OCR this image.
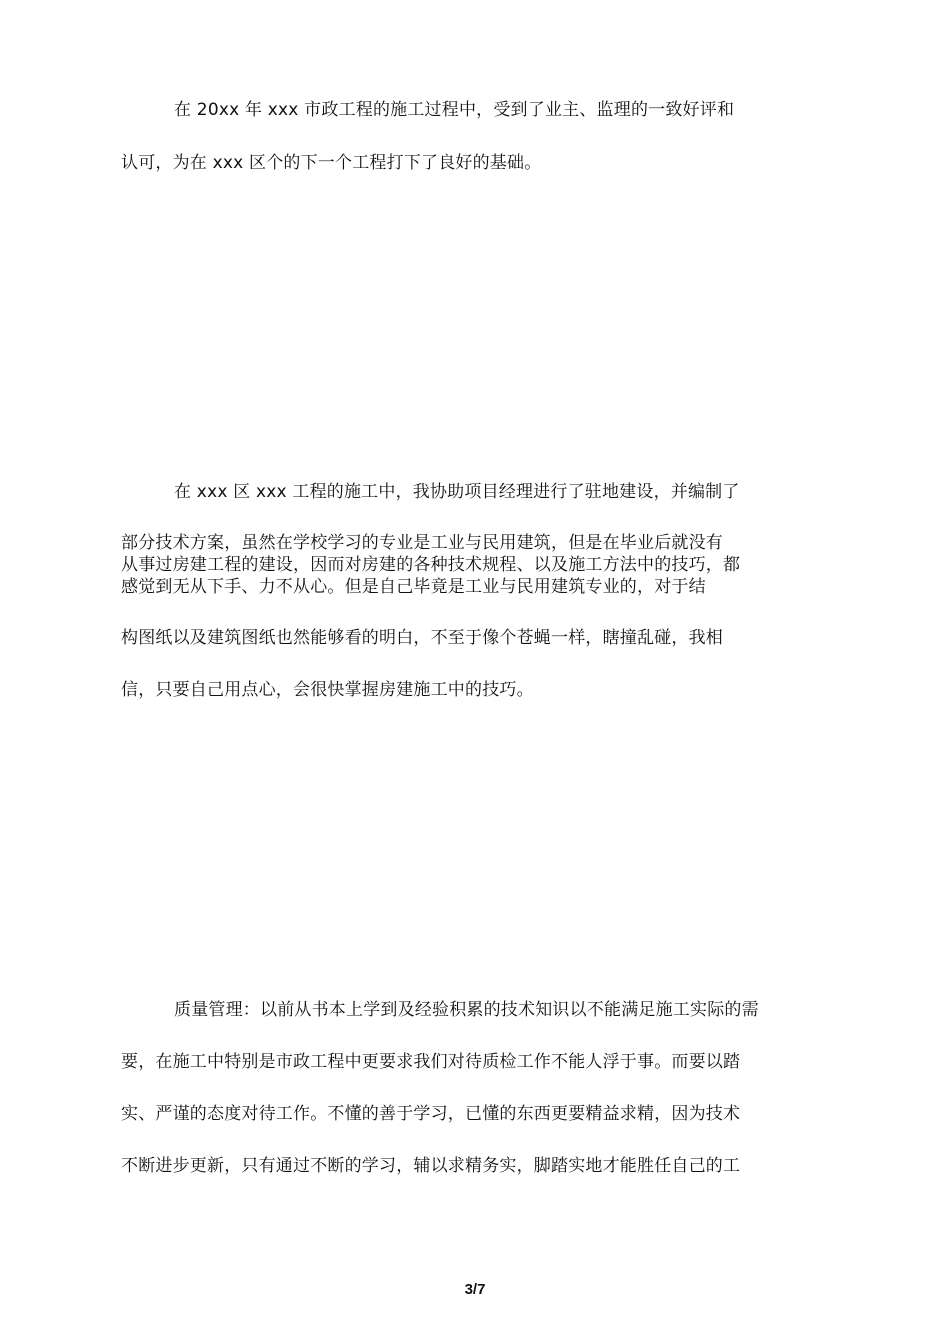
在 20xx 年 xxx 市政工程的施工过程中，受到了业主、监理的一致好评和
认可，为在 xxx 区个的下一个工程打下了良好的基础。
在 xxx 区 xxx 工程的施工中，我协助项目经理进行了驻地建设，并编制了
部分技术方案，虽然在学校学习的专业是工业与民用建筑，但是在毕业后就没有
从事过房建工程的建设，因而对房建的各种技术规程、以及施工方法中的技巧，都
感觉到无从下手、力不从心。但是自己毕竟是工业与民用建筑专业的，对于结
构图纸以及建筑图纸也然能够看的明白，不至于像个苍蝇一样，瞎撞乱碰，我相
信，只要自己用点心，会很快掌握房建施工中的技巧。
质量管理：以前从书本上学到及经验积累的技术知识以不能满足施工实际的需
要，在施工中特别是市政工程中更要求我们对待质检工作不能人浮于事。而要以踏
实、严谨的态度对待工作。不懂的善于学习，已懂的东西更要精益求精，因为技术
不断进步更新，只有通过不断的学习，辅以求精务实，脚踏实地才能胜任自己的工
3/7
